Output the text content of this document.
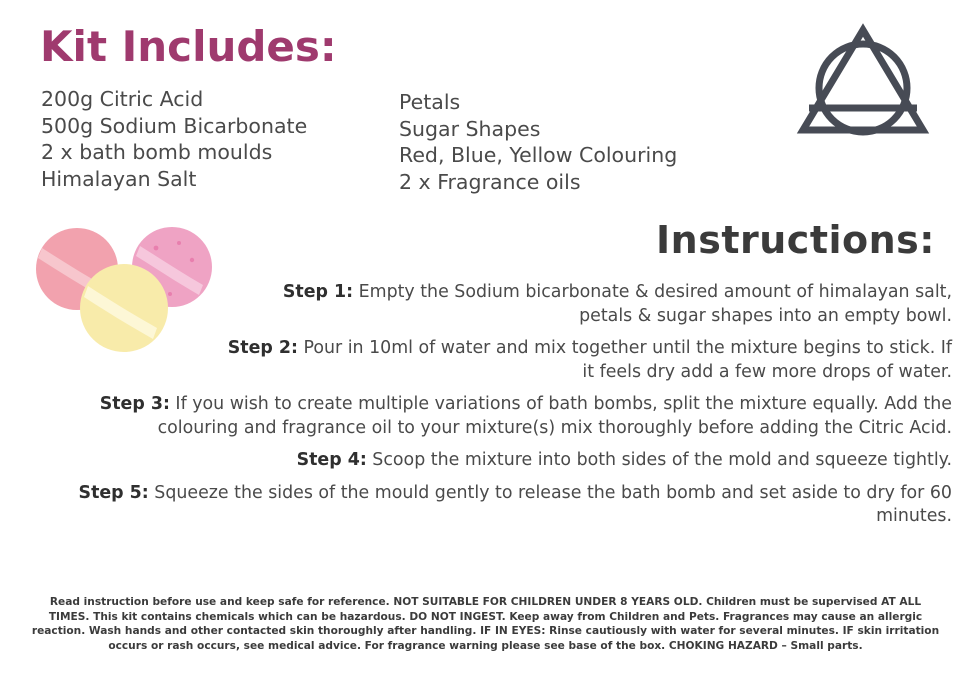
Kit Includes:
200g Citric Acid
500g Sodium Bicarbonate
2 x bath bomb moulds
Himalayan Salt
Petals
Sugar Shapes
Red, Blue, Yellow Colouring
2 x Fragrance oils
Instructions:
Step 1: Empty the Sodium bicarbonate & desired amount of himalayan salt, petals & sugar shapes into an empty bowl.
Step 2: Pour in 10ml of water and mix together until the mixture begins to stick. If it feels dry add a few more drops of water.
Step 3: If you wish to create multiple variations of bath bombs, split the mixture equally. Add the colouring and fragrance oil to your mixture(s) mix thoroughly before adding the Citric Acid.
Step 4: Scoop the mixture into both sides of the mold and squeeze tightly.
Step 5: Squeeze the sides of the mould gently to release the bath bomb and set aside to dry for 60 minutes.
Read instruction before use and keep safe for reference. NOT SUITABLE FOR CHILDREN UNDER 8 YEARS OLD. Children must be supervised AT ALL TIMES. This kit contains chemicals which can be hazardous. DO NOT INGEST. Keep away from Children and Pets. Fragrances may cause an allergic reaction. Wash hands and other contacted skin thoroughly after handling. IF IN EYES: Rinse cautiously with water for several minutes. IF skin irritation occurs or rash occurs, see medical advice. For fragrance warning please see base of the box. CHOKING HAZARD – Small parts.
